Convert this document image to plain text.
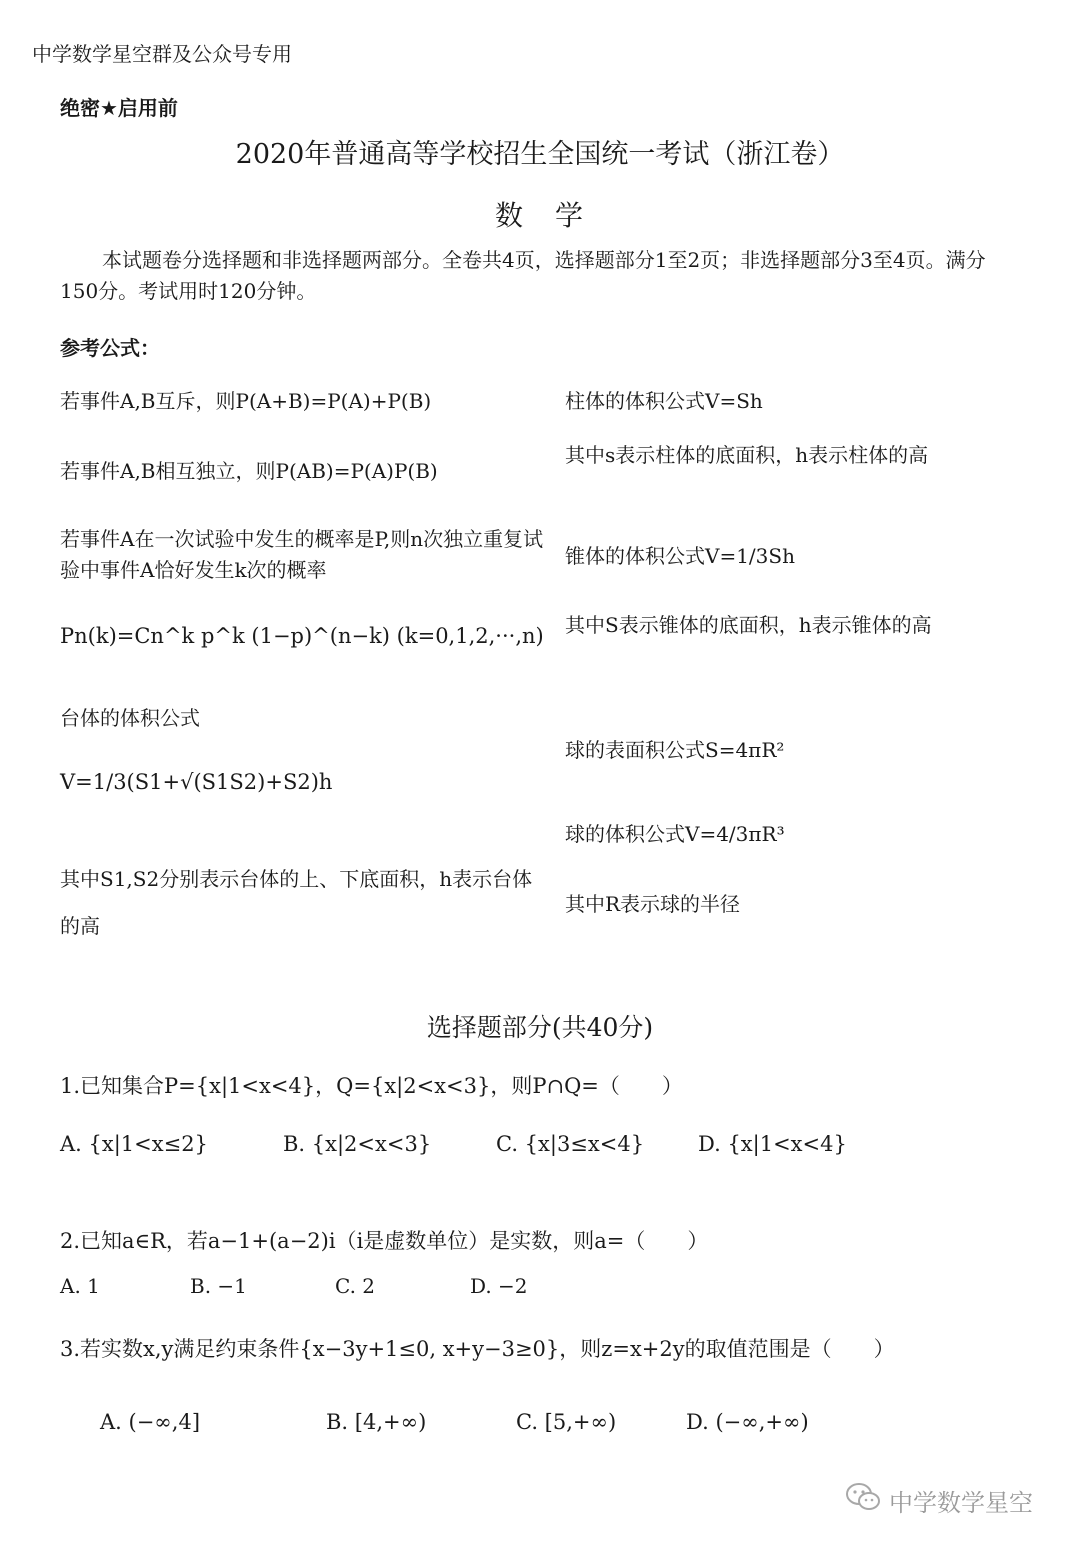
中学数学星空群及公众号专用
绝密★启用前
2020年普通高等学校招生全国统一考试（浙江卷）
数　学
本试题卷分选择题和非选择题两部分。全卷共4页，选择题部分1至2页；非选择题部分3至4页。满分150分。考试用时120分钟。
参考公式：
若事件A,B互斥，则P(A+B)=P(A)+P(B)
若事件A,B相互独立，则P(AB)=P(A)P(B)
若事件A在一次试验中发生的概率是P,则n次独立重复试验中事件A恰好发生k次的概率
Pn(k)=Cn^k p^k (1−p)^(n−k) (k=0,1,2,···,n)
台体的体积公式
V=1/3(S1+√(S1S2)+S2)h
其中S1,S2分别表示台体的上、下底面积，h表示台体的高
柱体的体积公式V=Sh
其中s表示柱体的底面积，h表示柱体的高
锥体的体积公式V=1/3Sh
其中S表示锥体的底面积，h表示锥体的高
球的表面积公式S=4πR²
球的体积公式V=4/3πR³
其中R表示球的半径
选择题部分(共40分)
1.已知集合P={x|1<x<4}，Q={x|2<x<3}，则P∩Q=（　　）
A. {x|1<x≤2}	B. {x|2<x<3}	C. {x|3≤x<4}	D. {x|1<x<4}
2.已知a∈R，若a−1+(a−2)i（i是虚数单位）是实数，则a=（　　）
A. 1	B. −1	C. 2	D. −2
3.若实数x,y满足约束条件{x−3y+1≤0, x+y−3≥0}，则z=x+2y的取值范围是（　　）
A. (−∞,4]	B. [4,+∞)	C. [5,+∞)	D. (−∞,+∞)
中学数学星空
